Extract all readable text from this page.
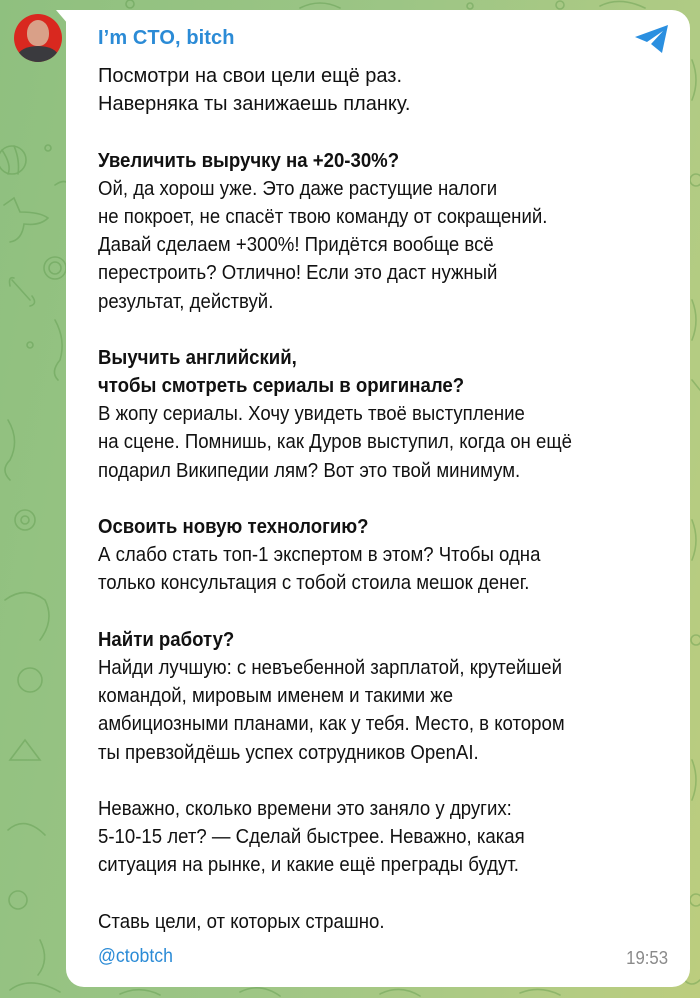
I’m CTO, bitch
Посмотри на свои цели ещё раз.
Наверняка ты занижаешь планку.
Увеличить выручку на +20-30%?
Ой, да хорош уже. Это даже растущие налоги
не покроет, не спасёт твою команду от сокращений.
Давай сделаем +300%! Придётся вообще всё
перестроить? Отлично! Если это даст нужный
результат, действуй.
Выучить английский,
чтобы смотреть сериалы в оригинале?
В жопу сериалы. Хочу увидеть твоё выступление
на сцене. Помнишь, как Дуров выступил, когда он ещё
подарил Википедии лям? Вот это твой минимум.
Освоить новую технологию?
А слабо стать топ-1 экспертом в этом? Чтобы одна
только консультация с тобой стоила мешок денег.
Найти работу?
Найди лучшую: с невъебенной зарплатой, крутейшей
командой, мировым именем и такими же
амбициозными планами, как у тебя. Место, в котором
ты превзойдёшь успех сотрудников OpenAI.
Неважно, сколько времени это заняло у других:
5-10-15 лет? — Сделай быстрее. Неважно, какая
ситуация на рынке, и какие ещё преграды будут.
Ставь цели, от которых страшно.
@ctobtch	19:53
